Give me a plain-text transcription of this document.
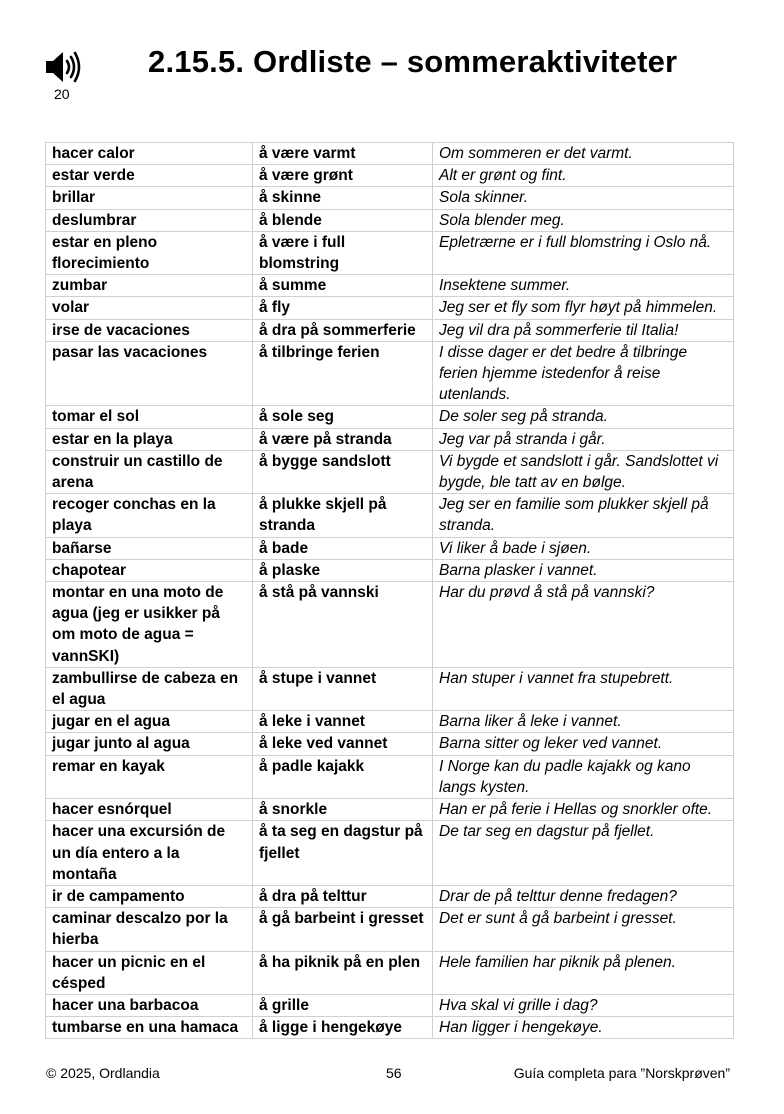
20
2.15.5. Ordliste – sommeraktiviteter
hacer calor	å være varmt	Om sommeren er det varmt.
estar verde	å være grønt	Alt er grønt og fint.
brillar	å skinne	Sola skinner.
deslumbrar	å blende	Sola blender meg.
estar en pleno florecimiento	å være i full blomstring	Epletrærne er i full blomstring i Oslo nå.
zumbar	å summe	Insektene summer.
volar	å fly	Jeg ser et fly som flyr høyt på himmelen.
irse de vacaciones	å dra på sommerferie	Jeg vil dra på sommerferie til Italia!
pasar las vacaciones	å tilbringe ferien	I disse dager er det bedre å tilbringe ferien hjemme istedenfor å reise utenlands.
tomar el sol	å sole seg	De soler seg på stranda.
estar en la playa	å være på stranda	Jeg var på stranda i går.
construir un castillo de arena	å bygge sandslott	Vi bygde et sandslott i går. Sandslottet vi bygde, ble tatt av en bølge.
recoger conchas en la playa	å plukke skjell på stranda	Jeg ser en familie som plukker skjell på stranda.
bañarse	å bade	Vi liker å bade i sjøen.
chapotear	å plaske	Barna plasker i vannet.
montar en una moto de agua (jeg er usikker på om moto de agua = vannSKI)	å stå på vannski	Har du prøvd å stå på vannski?
zambullirse de cabeza en el agua	å stupe i vannet	Han stuper i vannet fra stupebrett.
jugar en el agua	å leke i vannet	Barna liker å leke i vannet.
jugar junto al agua	å leke ved vannet	Barna sitter og leker ved vannet.
remar en kayak	å padle kajakk	I Norge kan du padle kajakk og kano langs kysten.
hacer esnórquel	å snorkle	Han er på ferie i Hellas og snorkler ofte.
hacer una excursión de un día entero a la montaña	å ta seg en dagstur på fjellet	De tar seg en dagstur på fjellet.
ir de campamento	å dra på telttur	Drar de på telttur denne fredagen?
caminar descalzo por la hierba	å gå barbeint i gresset	Det er sunt å gå barbeint i gresset.
hacer un picnic en el césped	å ha piknik på en plen	Hele familien har piknik på plenen.
hacer una barbacoa	å grille	Hva skal vi grille i dag?
tumbarse en una hamaca	å ligge i hengekøye	Han ligger i hengekøye.
© 2025, Ordlandia	56	Guía completa para ”Norskprøven”
